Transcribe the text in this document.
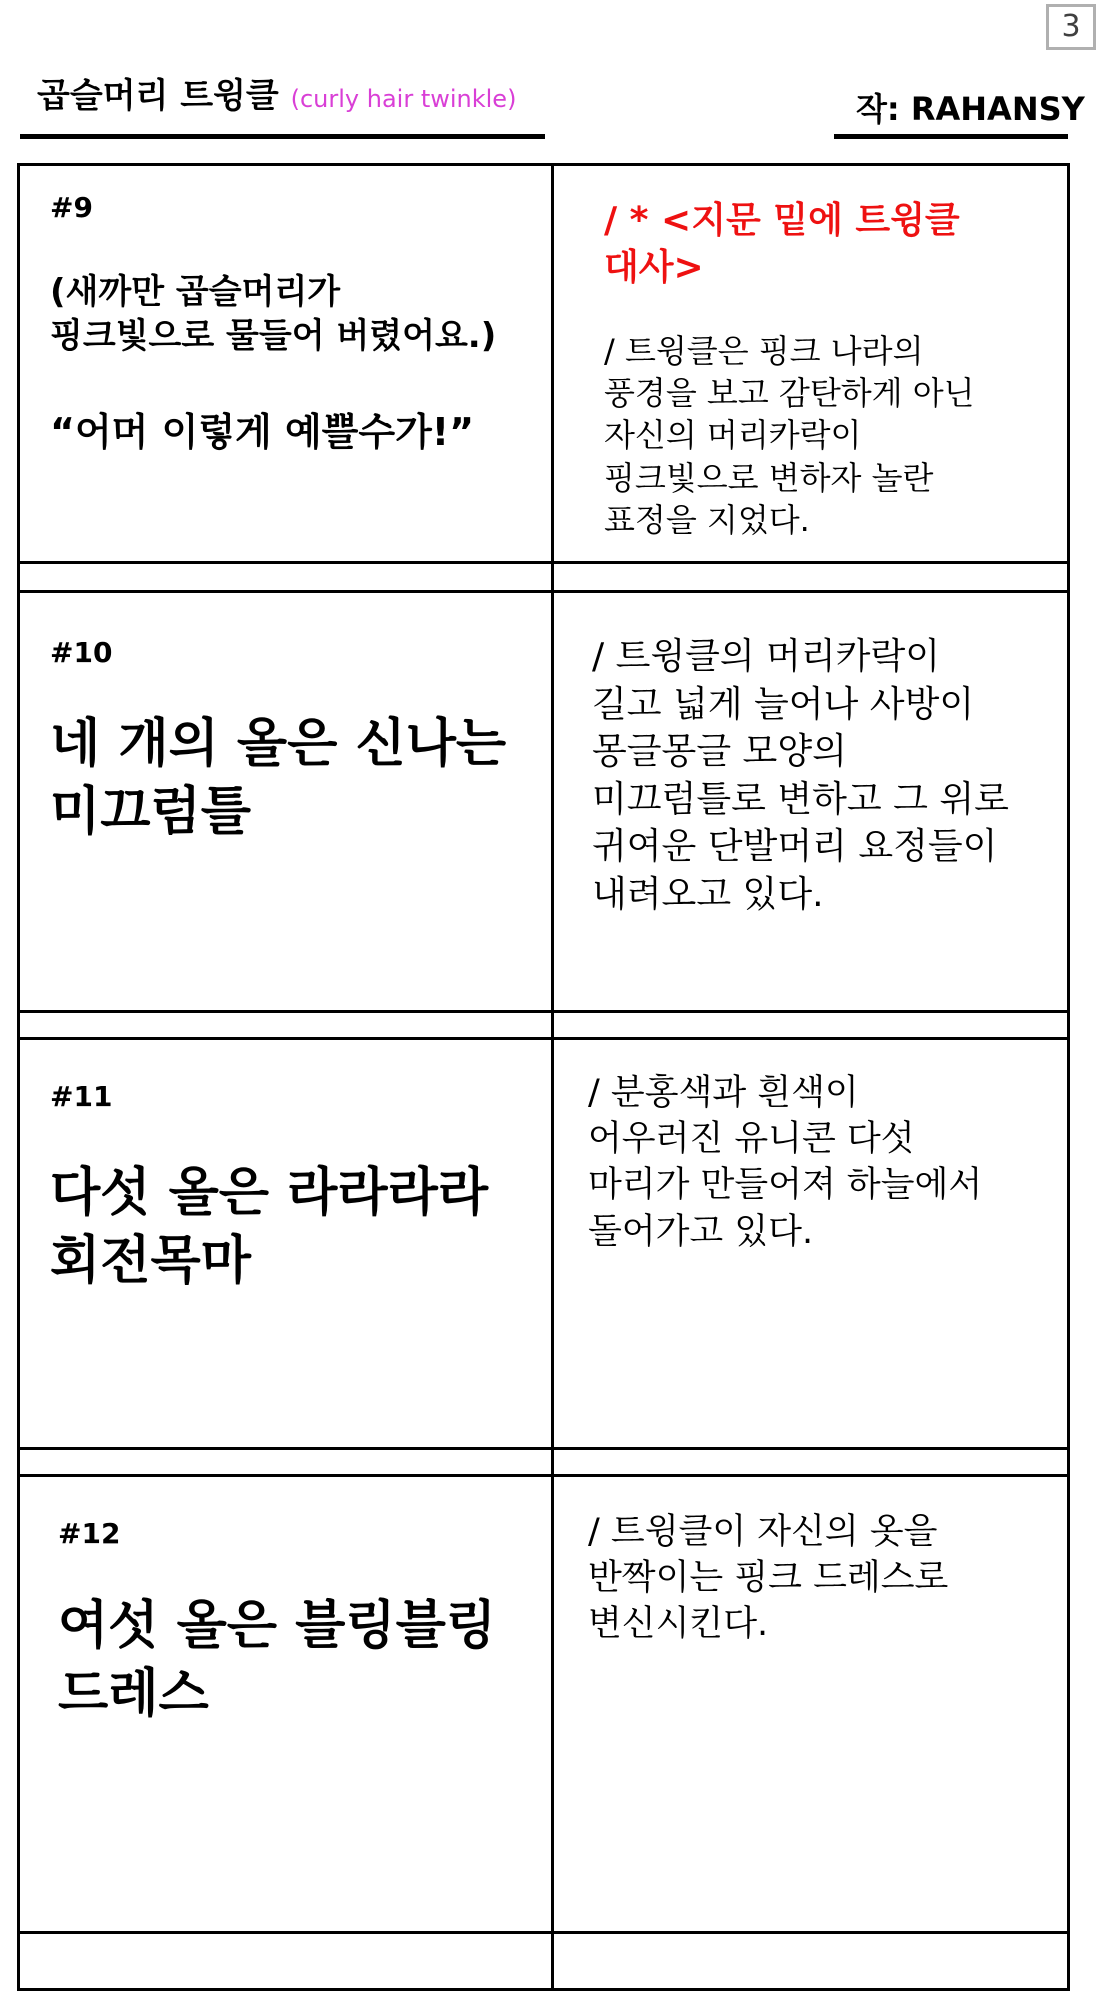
3
곱슬머리 트윙클 (curly hair twinkle)	작: RAHANSY
#9
(새까만 곱슬머리가
핑크빛으로 물들어 버렸어요.)
“어머 이렇게 예쁠수가!”
/ * <지문 밑에 트윙클
대사>
/ 트윙클은 핑크 나라의
풍경을 보고 감탄하게 아닌
자신의 머리카락이
핑크빛으로 변하자 놀란
표정을 지었다.
#10
네 개의 올은 신나는
미끄럼틀
/ 트윙클의 머리카락이
길고 넓게 늘어나 사방이
몽글몽글 모양의
미끄럼틀로 변하고 그 위로
귀여운 단발머리 요정들이
내려오고 있다.
#11
다섯 올은 라라라라
회전목마
/ 분홍색과 흰색이
어우러진 유니콘 다섯
마리가 만들어져 하늘에서
돌어가고 있다.
#12
여섯 올은 블링블링
드레스
/ 트윙클이 자신의 옷을
반짝이는 핑크 드레스로
변신시킨다.
